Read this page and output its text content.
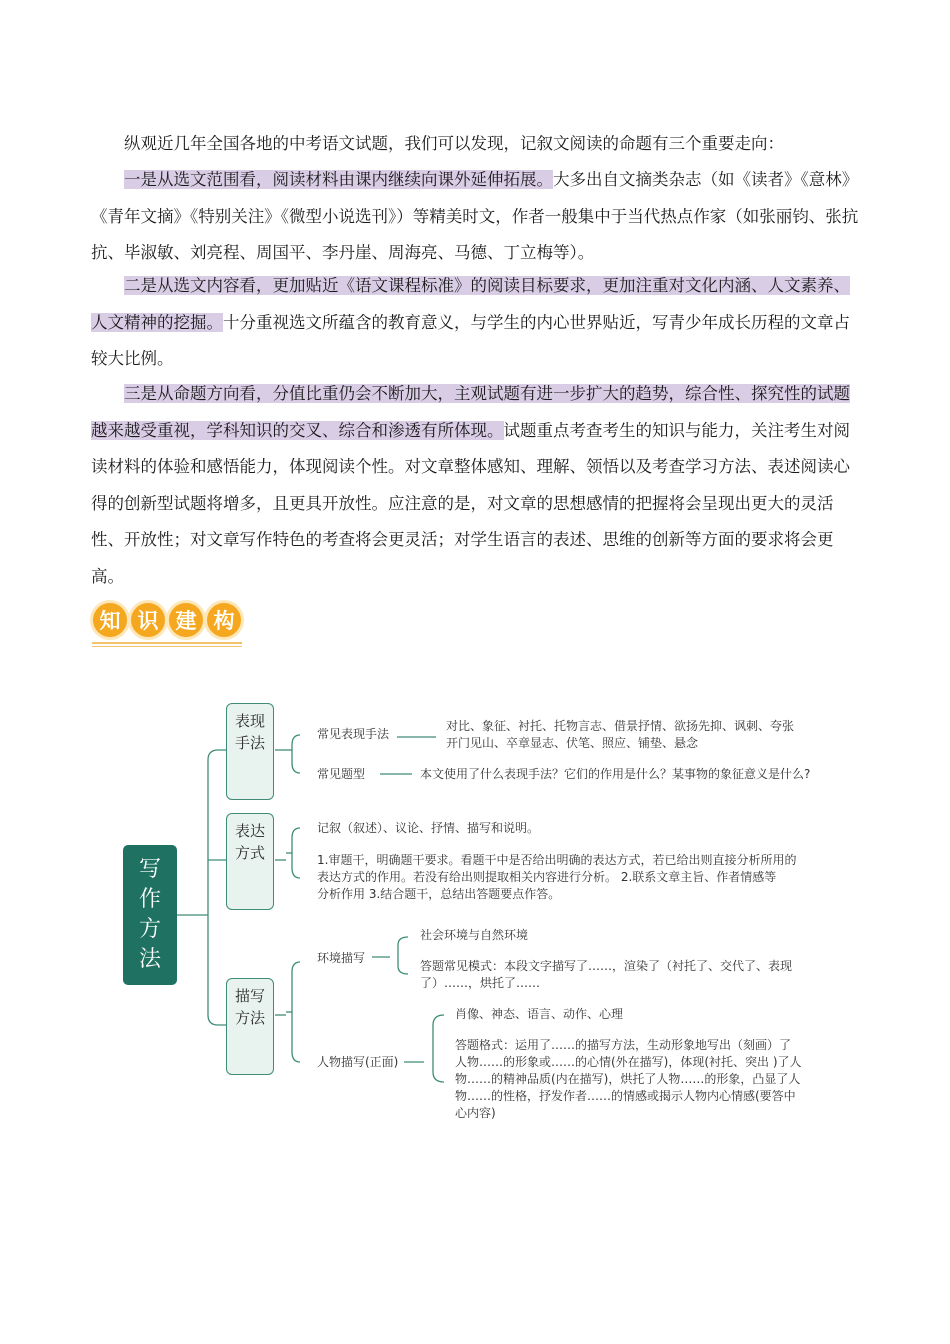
纵观近几年全国各地的中考语文试题，我们可以发现，记叙文阅读的命题有三个重要走向：

一是从选文范围看，阅读材料由课内继续向课外延伸拓展。大多出自文摘类杂志（如《读者》《意林》《青年文摘》《特别关注》《微型小说选刊》）等精美时文，作者一般集中于当代热点作家（如张丽钧、张抗抗、毕淑敏、刘亮程、周国平、李丹崖、周海亮、马德、丁立梅等）。

二是从选文内容看，更加贴近《语文课程标准》的阅读目标要求，更加注重对文化内涵、人文素养、人文精神的挖掘。十分重视选文所蕴含的教育意义，与学生的内心世界贴近，写青少年成长历程的文章占较大比例。

三是从命题方向看，分值比重仍会不断加大，主观试题有进一步扩大的趋势，综合性、探究性的试题越来越受重视，学科知识的交叉、综合和渗透有所体现。试题重点考查考生的知识与能力，关注考生对阅读材料的体验和感悟能力，体现阅读个性。对文章整体感知、理解、领悟以及考查学习方法、表述阅读心得的创新型试题将增多，且更具开放性。应注意的是，对文章的思想感情的把握将会呈现出更大的灵活性、开放性；对文章写作特色的考查将会更灵活；对学生语言的表述、思维的创新等方面的要求将会更高。

知 识 建 构
写
作
方
法
表现
手法
表达
方式
描写
方法
常见表现手法
对比、象征、衬托、托物言志、借景抒情、欲扬先抑、讽刺、夸张
开门见山、卒章显志、伏笔、照应、铺垫、悬念
常见题型	本文使用了什么表现手法？它们的作用是什么？某事物的象征意义是什么?
记叙（叙述）、议论、抒情、描写和说明。
1.审题干，明确题干要求。看题干中是否给出明确的表达方式，若已给出则直接分析所用的
表达方式的作用。若没有给出则提取相关内容进行分析。 2.联系文章主旨、作者情感等
分析作用 3.结合题干，总结出答题要点作答。
环境描写
社会环境与自然环境
答题常见模式：本段文字描写了……，渲染了（衬托了、交代了、表现
了）……，烘托了……
人物描写(正面)
肖像、神态、语言、动作、心理
答题格式：运用了……的描写方法，生动形象地写出（刻画）了
人物……的形象或……的心情(外在描写)，体现(衬托、突出 )了人
物……的精神品质(内在描写)，烘托了人物……的形象，凸显了人
物……的性格，抒发作者……的情感或揭示人物内心情感(要答中
心内容)
